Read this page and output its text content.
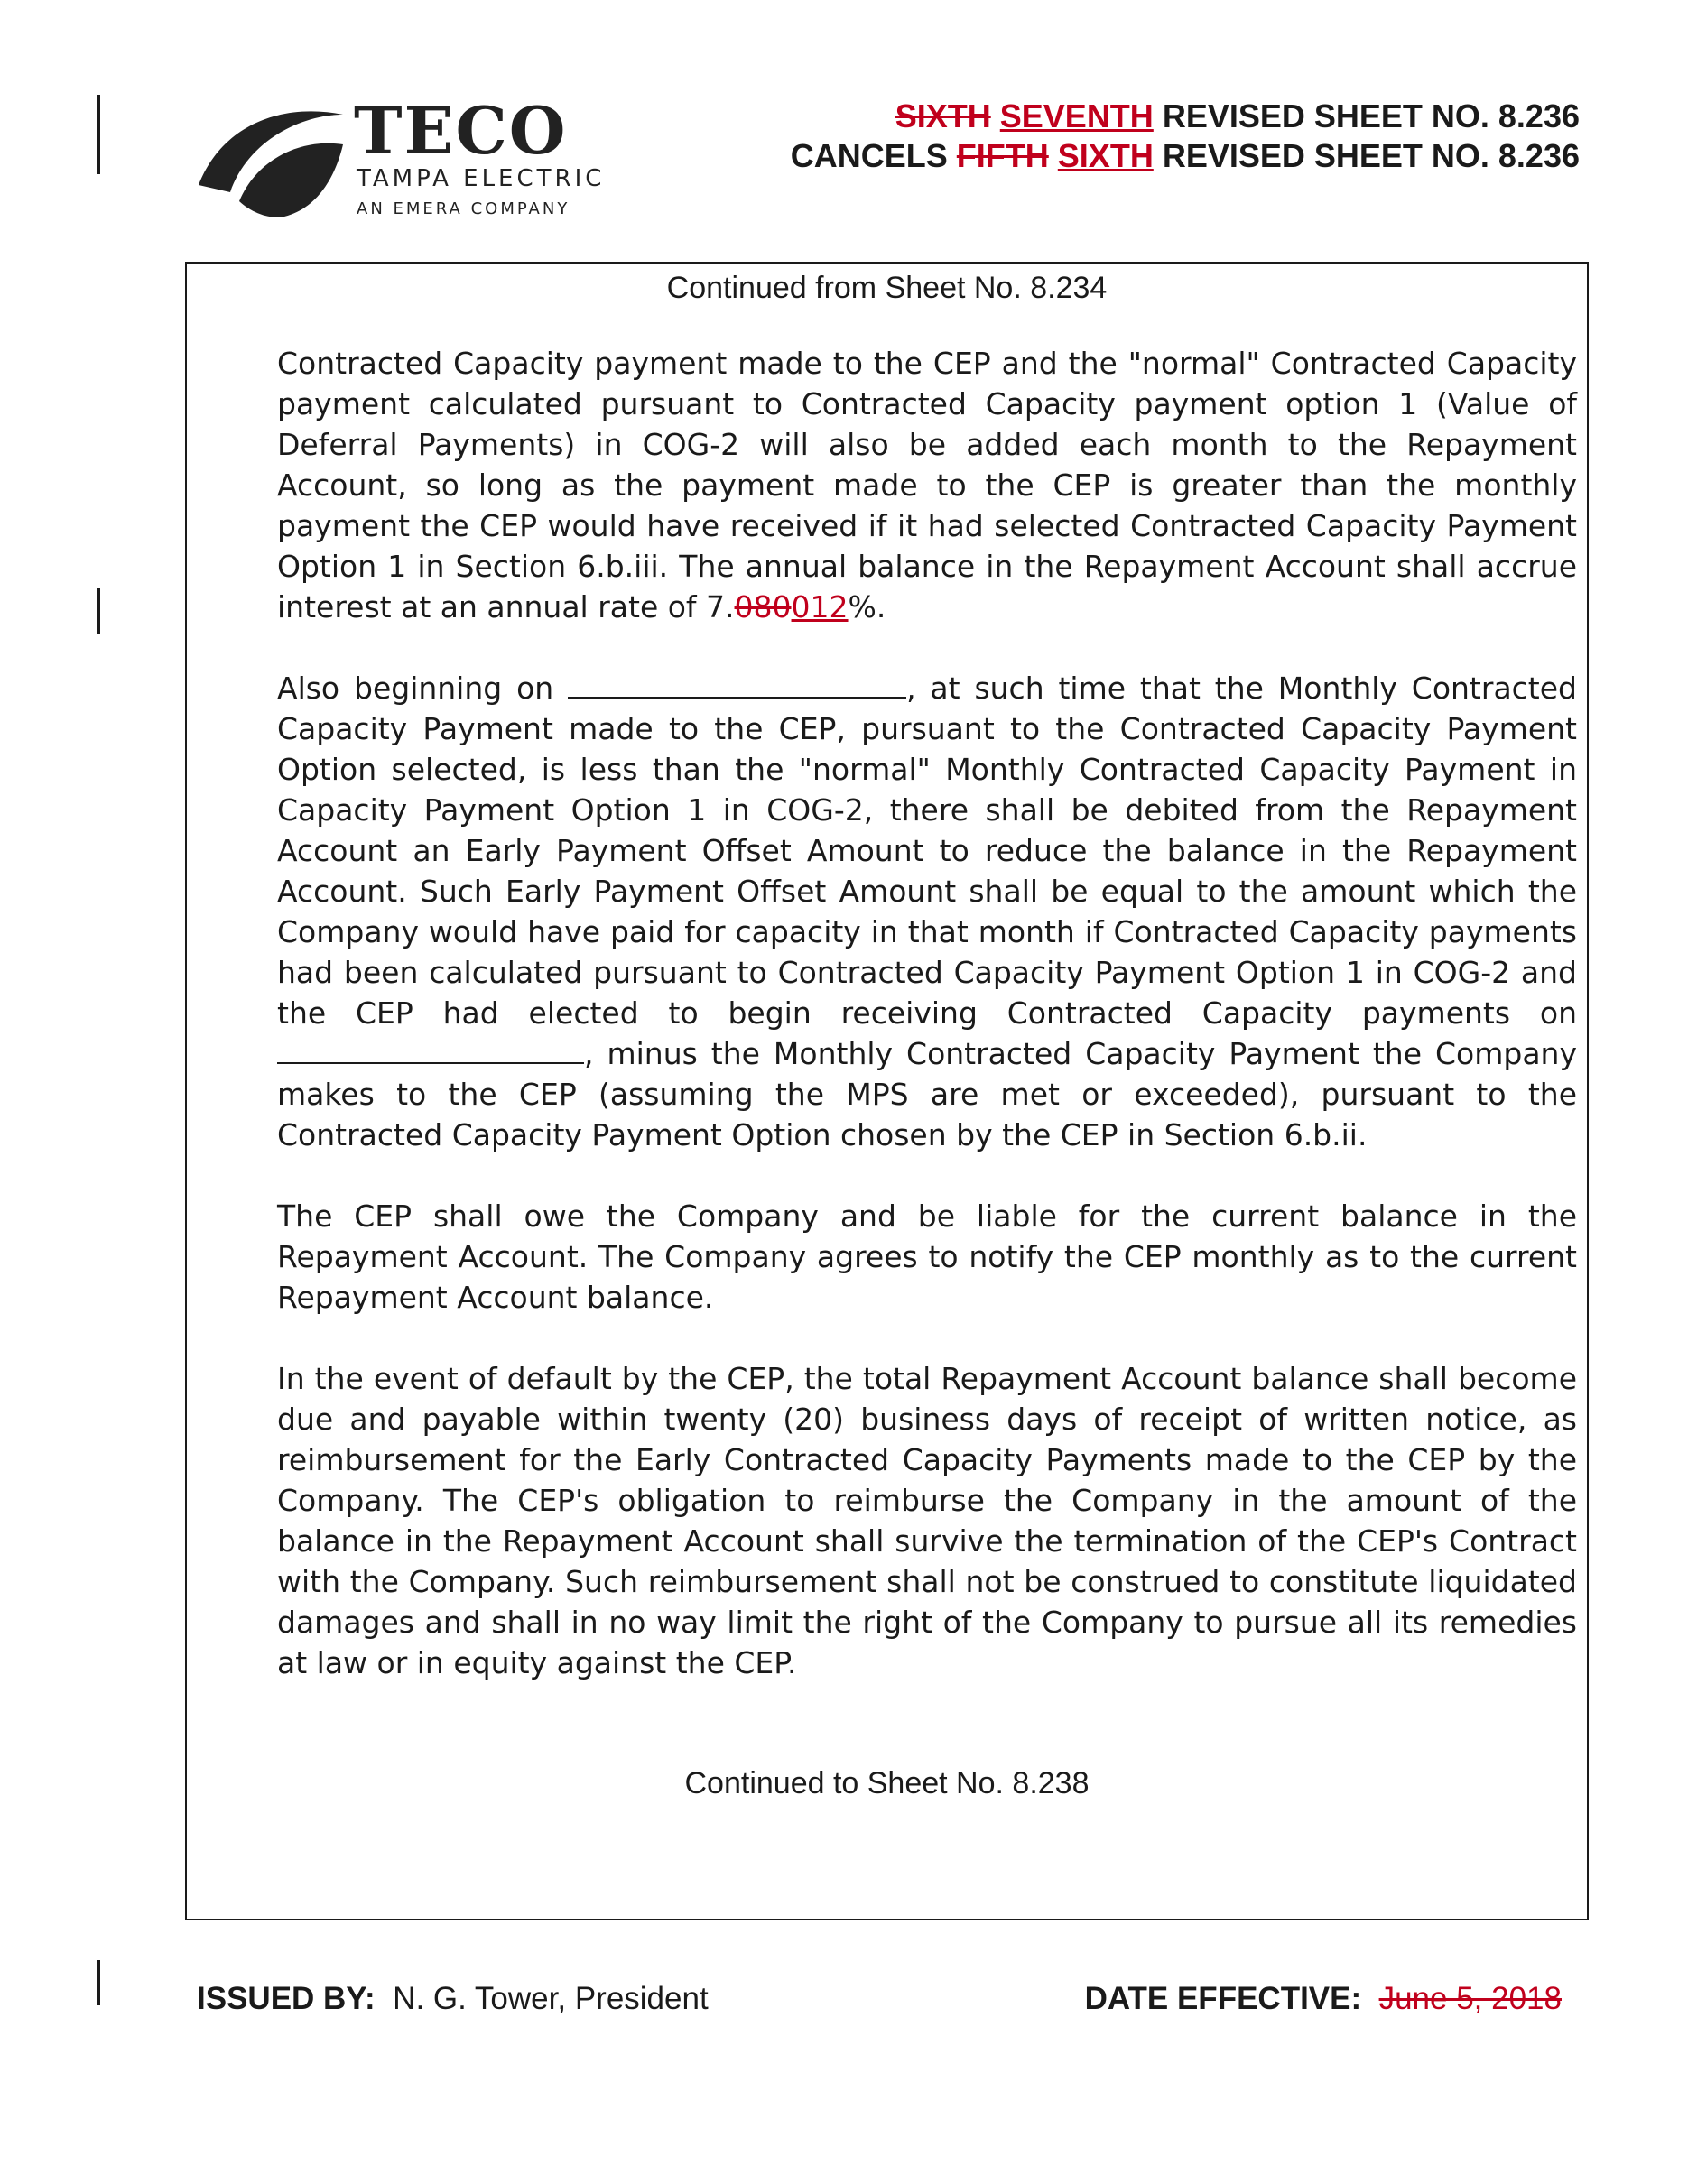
TECO

TAMPA ELECTRIC
AN EMERA COMPANY
SIXTH SEVENTH REVISED SHEET NO. 8.236
CANCELS FIFTH SIXTH REVISED SHEET NO. 8.236
Continued from Sheet No. 8.234

Contracted Capacity payment made to the CEP and the "normal" Contracted Capacity payment calculated pursuant to Contracted Capacity payment option 1 (Value of Deferral Payments) in COG-2 will also be added each month to the Repayment Account, so long as the payment made to the CEP is greater than the monthly payment the CEP would have received if it had selected Contracted Capacity Payment Option 1 in Section 6.b.iii. The annual balance in the Repayment Account shall accrue interest at an annual rate of 7.080012%.

Also beginning on	, at such time that the Monthly Contracted Capacity Payment made to the CEP, pursuant to the Contracted Capacity Payment Option selected, is less than the "normal" Monthly Contracted Capacity Payment in Capacity Payment Option 1 in COG-2, there shall be debited from the Repayment Account an Early Payment Offset Amount to reduce the balance in the Repayment Account. Such Early Payment Offset Amount shall be equal to the amount which the Company would have paid for capacity in that month if Contracted Capacity payments had been calculated pursuant to Contracted Capacity Payment Option 1 in COG-2 and the CEP had elected to begin receiving Contracted Capacity payments on , minus the Monthly Contracted Capacity Payment the Company makes to the CEP (assuming the MPS are met or exceeded), pursuant to the Contracted Capacity Payment Option chosen by the CEP in Section 6.b.ii.

The CEP shall owe the Company and be liable for the current balance in the Repayment Account. The Company agrees to notify the CEP monthly as to the current Repayment Account balance.

In the event of default by the CEP, the total Repayment Account balance shall become due and payable within twenty (20) business days of receipt of written notice, as reimbursement for the Early Contracted Capacity Payments made to the CEP by the Company. The CEP's obligation to reimburse the Company in the amount of the balance in the Repayment Account shall survive the termination of the CEP's Contract with the Company. Such reimbursement shall not be construed to constitute liquidated damages and shall in no way limit the right of the Company to pursue all its remedies at law or in equity against the CEP.

Continued to Sheet No. 8.238
ISSUED BY: N. G. Tower, President	DATE EFFECTIVE: June 5, 2018
